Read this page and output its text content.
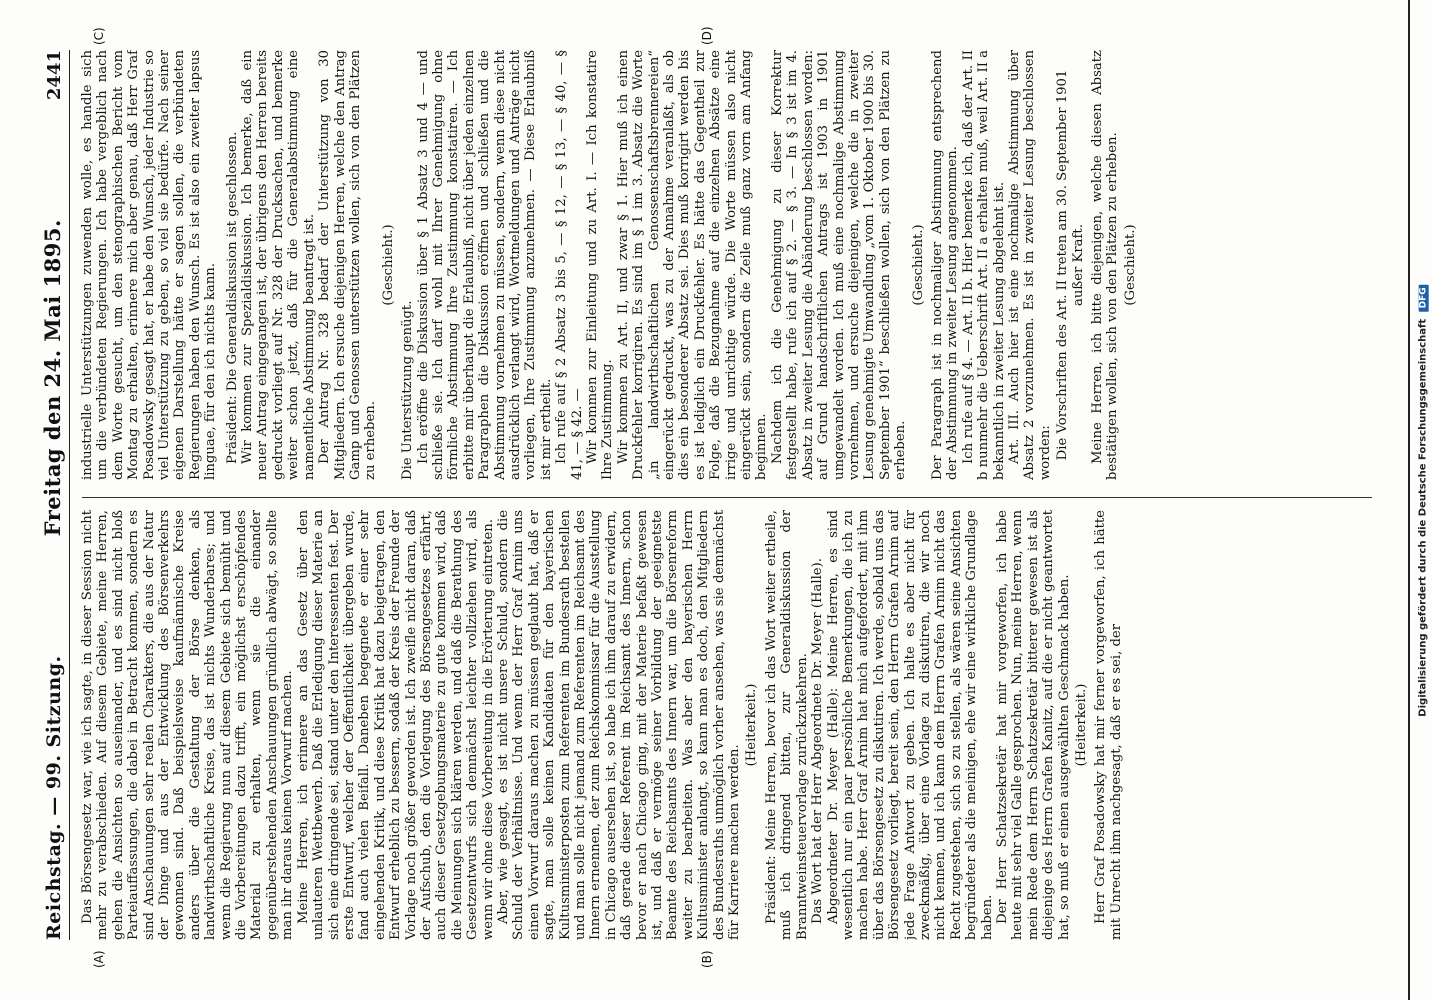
Reichstag. — 99. Sitzung.
Freitag den 24. Mai 1895.
2441
(A)	(B)
(C)	(D)

Das Börsengesetz war, wie ich sagte, in dieser Session nicht mehr zu verabschieden. Auf diesem Gebiete, meine Herren, gehen die Ansichten so auseinander, und es sind nicht bloß Parteiauffassungen, die dabei in Betracht kommen, sondern es sind Anschauungen sehr realen Charakters, die aus der Natur der Dinge und aus der Entwicklung des Börsenverkehrs gewonnen sind. Daß beispielsweise kaufmännische Kreise anders über die Gestaltung der Börse denken, als landwirthschaftliche Kreise, das ist nichts Wunderbares; und wenn die Regierung nun auf diesem Gebiete sich bemüht und die Vorbereitungen dazu trifft, ein möglichst erschöpfendes Material zu erhalten, wenn sie die einander gegenüberstehenden Anschauungen gründlich abwägt, so sollte man ihr daraus keinen Vorwurf machen. Meine Herren, ich erinnere an das Gesetz über den unlauteren Wettbewerb. Daß die Erledigung dieser Materie an sich eine dringende sei, stand unter den Interessenten fest. Der erste Entwurf, welcher der Oeffentlichkeit übergeben wurde, fand auch vielen Beifall. Daneben begegnete er einer sehr eingehenden Kritik, und diese Kritik hat dazu beigetragen, den Entwurf erheblich zu bessern, sodaß der Kreis der Freunde der Vorlage noch größer geworden ist. Ich zweifle nicht daran, daß der Aufschub, den die Vorlegung des Börsengesetzes erfährt, auch dieser Gesetzgebungsmaterie zu gute kommen wird, daß die Meinungen sich klären werden, und daß die Berathung des Gesetzentwurfs sich demnächst leichter vollziehen wird, als wenn wir ohne diese Vorbereitung in die Erörterung eintreten. Aber, wie gesagt, es ist nicht unsere Schuld, sondern die Schuld der Verhältnisse. Und wenn der Herr Graf Arnim uns einen Vorwurf daraus machen zu müssen geglaubt hat, daß er sagte, man solle keinen Kandidaten für den bayerischen Kultusministerposten zum Referenten im Bundesrath bestellen und man solle nicht jemand zum Referenten im Reichsamt des Innern ernennen, der zum Reichskommissar für die Ausstellung in Chicago ausersehen ist, so habe ich ihm darauf zu erwidern, daß gerade dieser Referent im Reichsamt des Innern, schon bevor er nach Chicago ging, mit der Materie befaßt gewesen ist, und daß er vermöge seiner Vorbildung der geeignetste Beamte des Reichsamts des Innern war, um die Börsenreform weiter zu bearbeiten. Was aber den bayerischen Herrn Kultusminister anlangt, so kann man es doch, den Mitgliedern des Bundesraths unmöglich vorher ansehen, was sie demnächst für Karriere machen werden.

(Heiterkeit.) Präsident: Meine Herren, bevor ich das Wort weiter ertheile, muß ich dringend bitten, zur Generaldiskussion der Branntweinsteuervorlage zurückzukehren. Das Wort hat der Herr Abgeordnete Dr. Meyer (Halle). Abgeordneter Dr. Meyer (Halle): Meine Herren, es sind wesentlich nur ein paar persönliche Bemerkungen, die ich zu machen habe. Herr Graf Arnim hat mich aufgefordert, mit ihm über das Börsengesetz zu diskutiren. Ich werde, sobald uns das Börsengesetz vorliegt, bereit sein, den Herrn Grafen Arnim auf jede Frage Antwort zu geben. Ich halte es aber nicht für zweckmäßig, über eine Vorlage zu diskutiren, die wir noch nicht kennen, und ich kann dem Herrn Grafen Arnim nicht das Recht zugestehen, sich so zu stellen, als wären seine Ansichten begründeter als die meinigen, ehe wir eine wirkliche Grundlage haben. Der Herr Schatzsekretär hat mir vorgeworfen, ich habe heute mit sehr viel Galle gesprochen. Nun, meine Herren, wenn mein Rede dem Herrn Schatzsekretär bitterer gewesen ist als diejenige des Herrn Grafen Kanitz, auf die er nicht geantwortet hat, so muß er einen ausgewählten Geschmack haben. (Heiterkeit.) Herr Graf Posadowsky hat mir ferner vorgeworfen, ich hätte mit Unrecht ihm nachgesagt, daß er es sei, der

industrielle Unterstützungen zuwenden wolle, es handle sich um die verbündeten Regierungen. Ich habe vergeblich nach dem Worte gesucht, um den stenographischen Bericht vom Montag zu erhalten, erinnere mich aber genau, daß Herr Graf Posadowsky gesagt hat, er habe den Wunsch, jeder Industrie so viel Unterstützung zu geben, so viel sie bedürfe. Nach seiner eigenen Darstellung hätte er sagen sollen, die verbündeten Regierungen haben den Wunsch. Es ist also ein zweiter lapsus linguae, für den ich nichts kann. Präsident: Die Generaldiskussion ist geschlossen. Wir kommen zur Spezialdiskussion. Ich bemerke, daß ein neuer Antrag eingegangen ist, der übrigens den Herren bereits gedruckt vorliegt auf Nr. 328 der Drucksachen, und bemerke weiter schon jetzt, daß für die Generalabstimmung eine namentliche Abstimmung beantragt ist. Der Antrag Nr. 328 bedarf der Unterstützung von 30 Mitgliedern. Ich ersuche diejenigen Herren, welche den Antrag Gamp und Genossen unterstützen wollen, sich von den Plätzen zu erheben.

(Geschieht.)

Die Unterstützung genügt. Ich eröffne die Diskussion über § 1 Absatz 3 und 4 — und schließe sie. Ich darf wohl mit Ihrer Genehmigung ohne förmliche Abstimmung Ihre Zustimmung konstatiren. — Ich erbitte mir überhaupt die Erlaubniß, nicht über jeden einzelnen Paragraphen die Diskussion eröffnen und schließen und die Abstimmung vornehmen zu müssen, sondern, wenn diese nicht ausdrücklich verlangt wird, Wortmeldungen und Anträge nicht vorliegen, Ihre Zustimmung anzunehmen. — Diese Erlaubniß ist mir ertheilt. Ich rufe auf § 2 Absatz 3 bis 5, — § 12, — § 13, — § 40, — § 41, — § 42. — Wir kommen zur Einleitung und zu Art. I. — Ich konstatire Ihre Zustimmung. Wir kommen zu Art. II, und zwar § 1. Hier muß ich einen Druckfehler korrigiren. Es sind im § 1 im 3. Absatz die Worte „in landwirthschaftlichen Genossenschaftsbrennereien“ eingerückt gedruckt, was zu der Annahme veranlaßt, als ob dies ein besonderer Absatz sei. Dies muß korrigirt werden bis es ist lediglich ein Druckfehler. Es hätte das Gegentheil zur Folge, daß die Bezugnahme auf die einzelnen Absätze eine irrige und unrichtige würde. Die Worte müssen also nicht eingerückt sein, sondern die Zeile muß ganz vorn am Anfang beginnen. Nachdem ich die Genehmigung zu dieser Korrektur festgestellt habe, rufe ich auf § 2. — § 3. — In § 3 ist im 4. Absatz in zweiter Lesung die Abänderung beschlossen worden: auf Grund handschriftlichen Antrags ist 1903 in 1901 umgewandelt worden. Ich muß eine nochmalige Abstimmung vornehmen, und ersuche diejenigen, welche die in zweiter Lesung genehmigte Umwandlung „vom 1. Oktober 1900 bis 30. September 1901“ beschließen wollen, sich von den Plätzen zu erheben.

(Geschieht.) Der Paragraph ist in nochmaliger Abstimmung entsprechend der Abstimmung in zweiter Lesung angenommen. Ich rufe auf § 4. — Art. II b. Hier bemerke ich, daß der Art. II b nunmehr die Ueberschrift Art. II a erhalten muß, weil Art. II a bekanntlich in zweiter Lesung abgelehnt ist. Art. III. Auch hier ist eine nochmalige Abstimmung über Absatz 2 vorzunehmen. Es ist in zweiter Lesung beschlossen worden: Die Vorschriften des Art. II treten am 30. September 1901 außer Kraft. Meine Herren, ich bitte diejenigen, welche diesen Absatz bestätigen wollen, sich von den Plätzen zu erheben. (Geschieht.)

Digitalisierung gefördert durch die Deutsche Forschungsgemeinschaft DFG
